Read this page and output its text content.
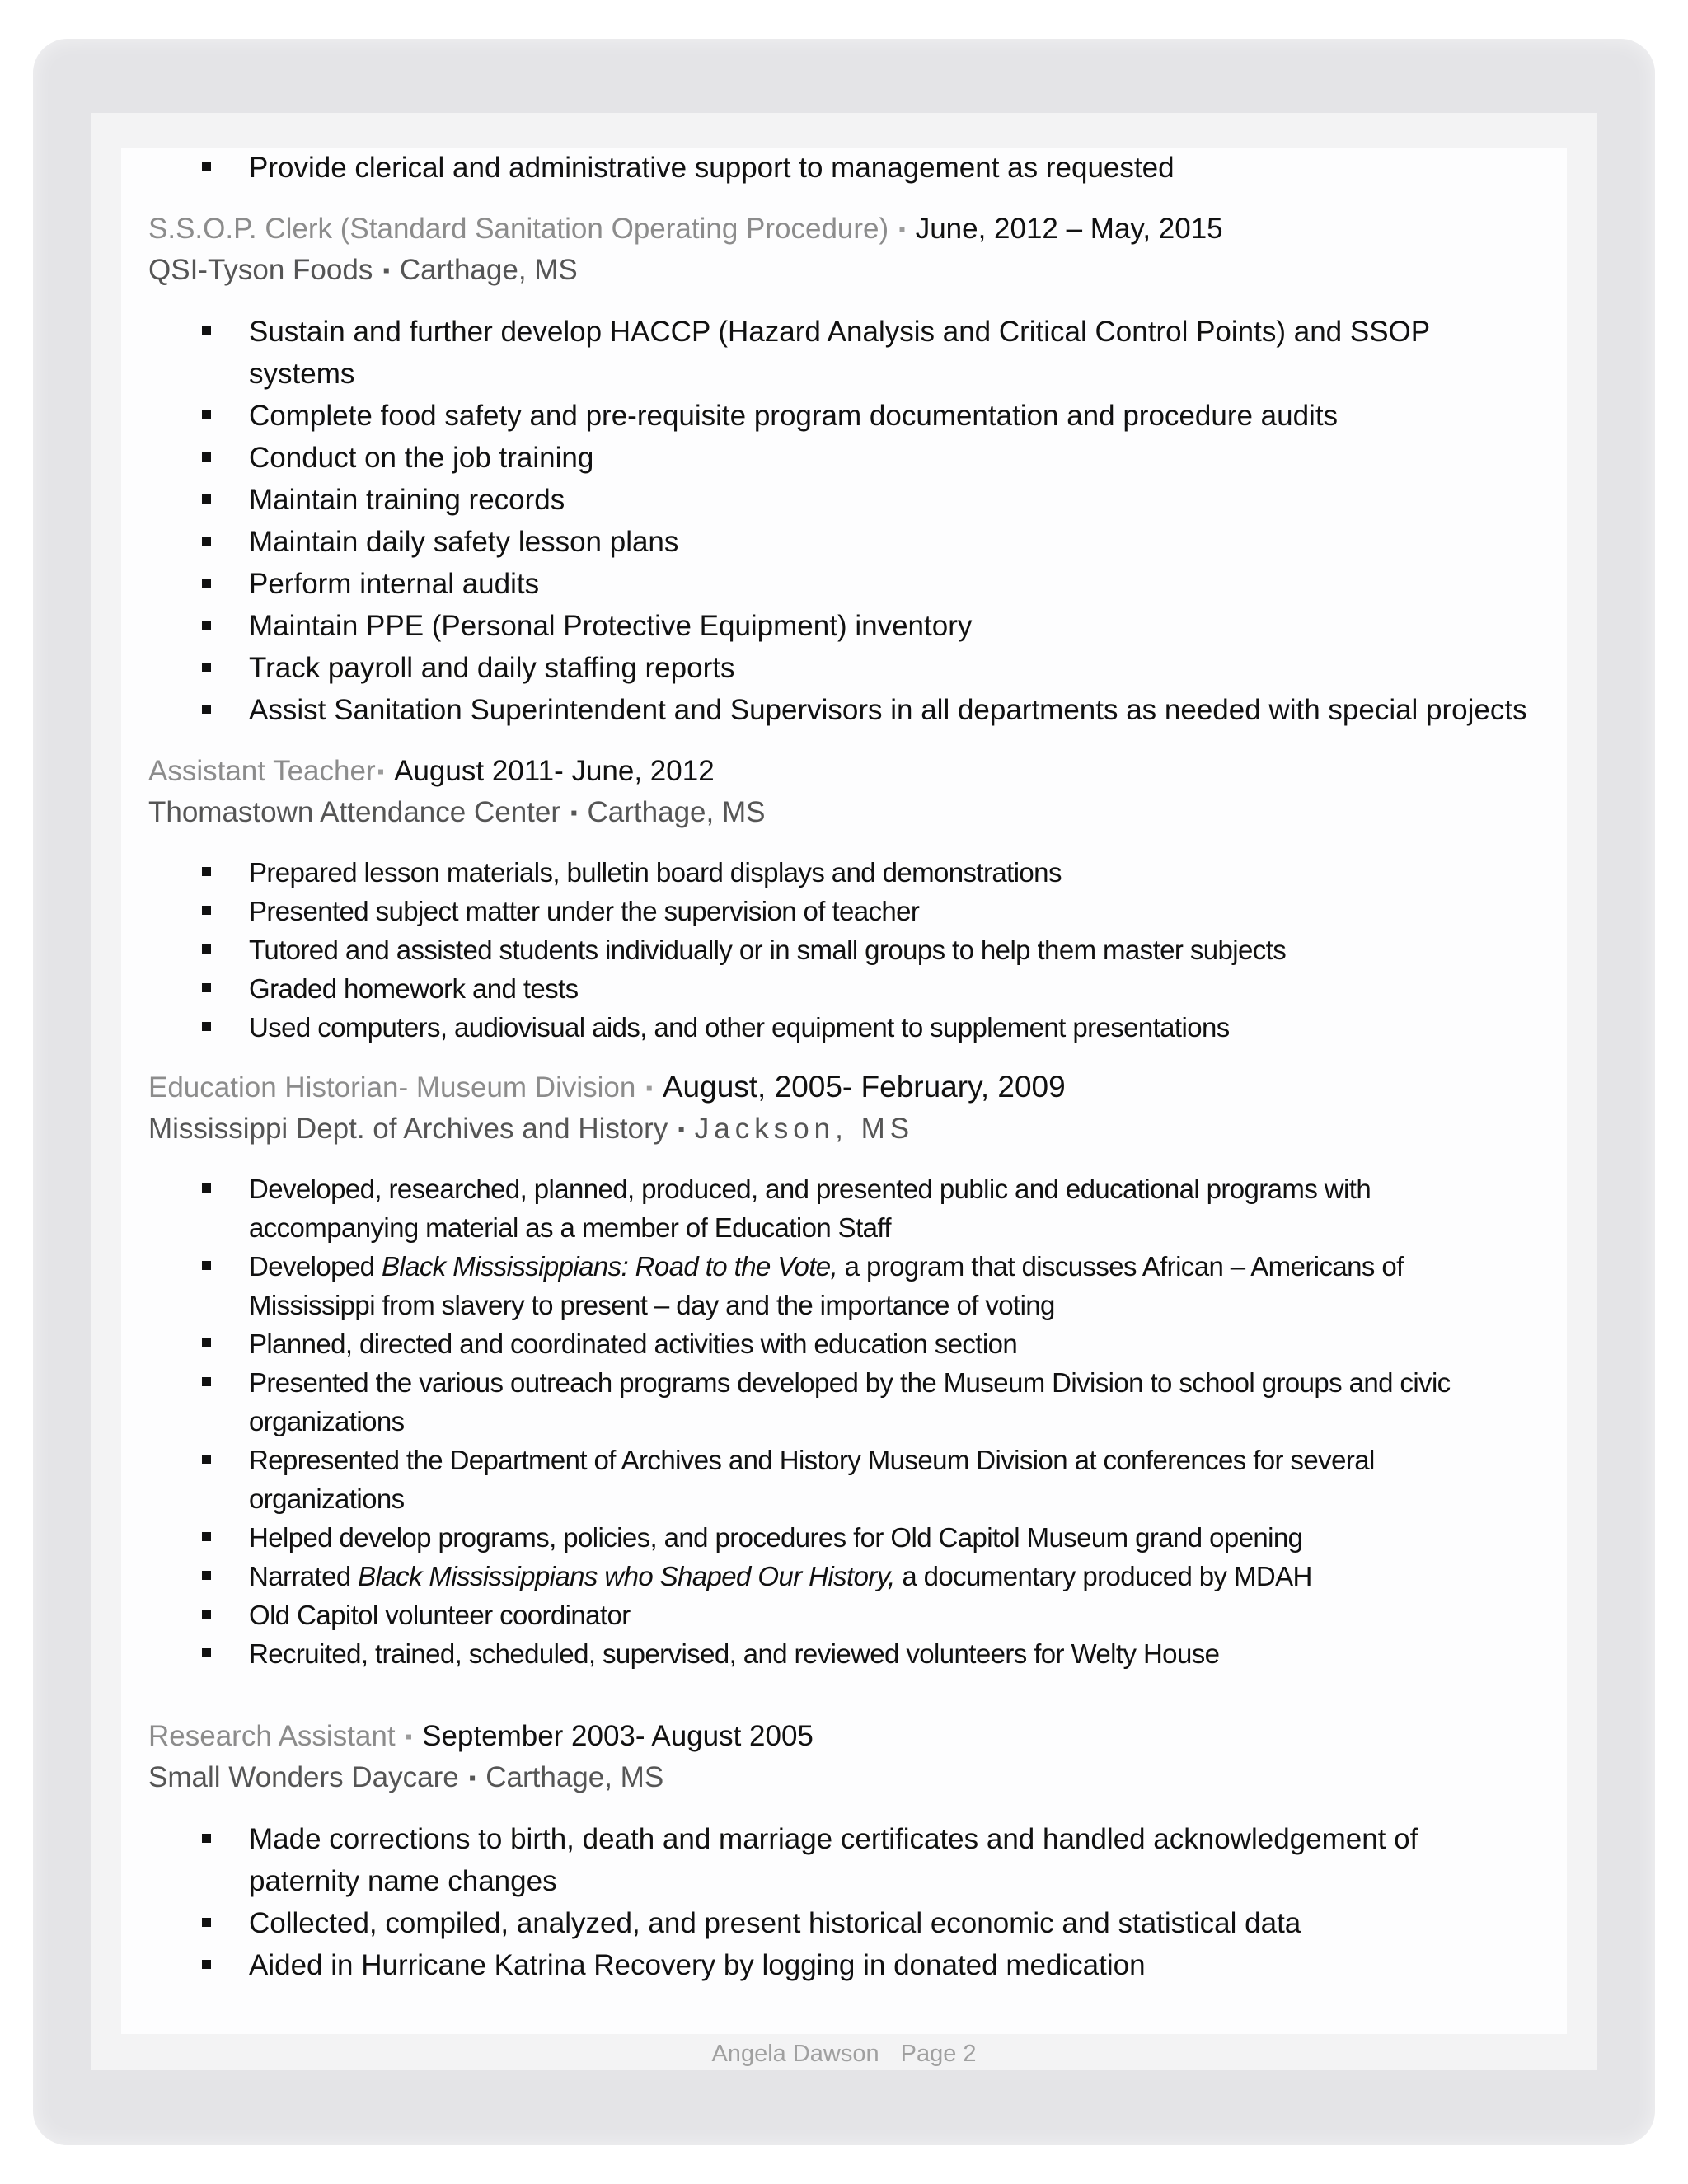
Provide clerical and administrative support to management as requested
S.S.O.P. Clerk (Standard Sanitation Operating Procedure) ▪ June, 2012 – May, 2015
QSI-Tyson Foods ▪ Carthage, MS
Sustain and further develop HACCP (Hazard Analysis and Critical Control Points) and SSOP systems
Complete food safety and pre-requisite program documentation and procedure audits
Conduct on the job training
Maintain training records
Maintain daily safety lesson plans
Perform internal audits
Maintain PPE (Personal Protective Equipment) inventory
Track payroll and daily staffing reports
Assist Sanitation Superintendent and Supervisors in all departments as needed with special projects
Assistant Teacher▪ August 2011- June, 2012
Thomastown Attendance Center ▪ Carthage, MS
Prepared lesson materials, bulletin board displays and demonstrations
Presented subject matter under the supervision of teacher
Tutored and assisted students individually or in small groups to help them master subjects
Graded homework and tests
Used computers, audiovisual aids, and other equipment to supplement presentations
Education Historian- Museum Division ▪ August, 2005- February, 2009
Mississippi Dept. of Archives and History ▪ Jackson, MS
Developed, researched, planned, produced, and presented public and educational programs with accompanying material as a member of Education Staff
Developed Black Mississippians: Road to the Vote, a program that discusses African – Americans of Mississippi from slavery to present – day and the importance of voting
Planned, directed and coordinated activities with education section
Presented the various outreach programs developed by the Museum Division to school groups and civic organizations
Represented the Department of Archives and History Museum Division at conferences for several organizations
Helped develop programs, policies, and procedures for Old Capitol Museum grand opening
Narrated Black Mississippians who Shaped Our History, a documentary produced by MDAH
Old Capitol volunteer coordinator
Recruited, trained, scheduled, supervised, and reviewed volunteers for Welty House
Research Assistant ▪ September 2003- August 2005
Small Wonders Daycare ▪ Carthage, MS
Made corrections to birth, death and marriage certificates and handled acknowledgement of paternity name changes
Collected, compiled, analyzed, and present historical economic and statistical data
Aided in Hurricane Katrina Recovery by logging in donated medication
Angela Dawson Page 2
